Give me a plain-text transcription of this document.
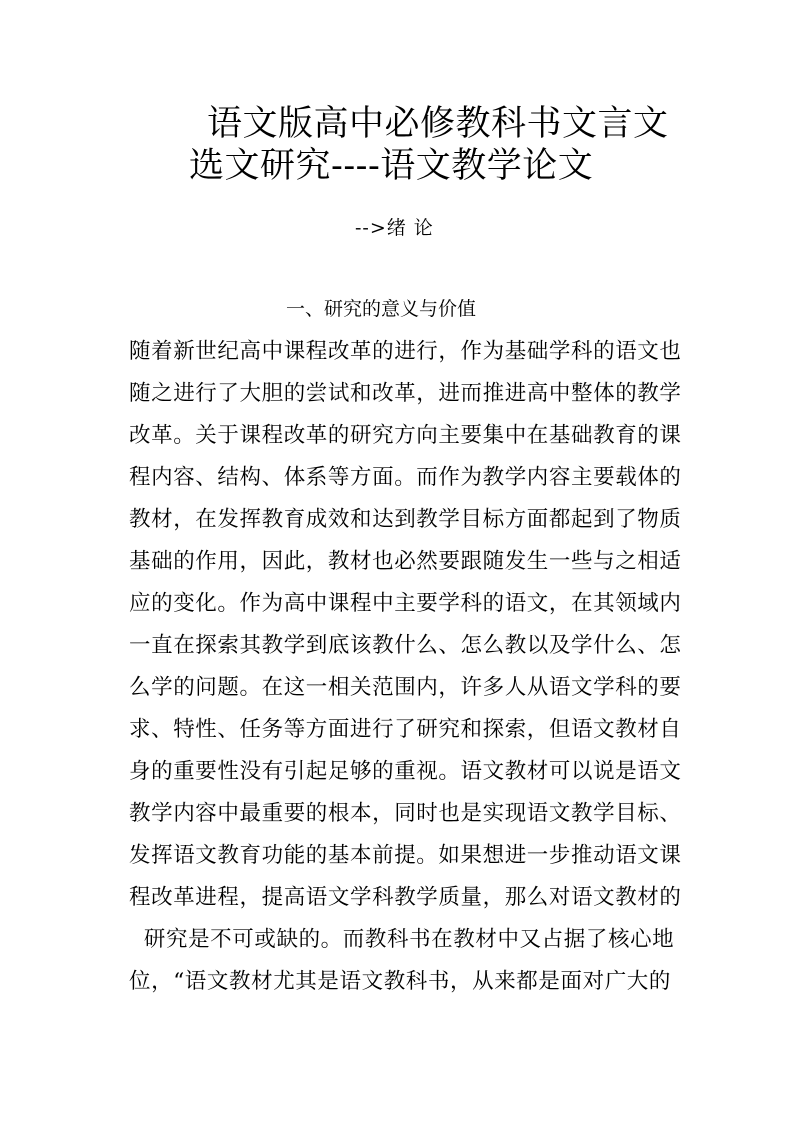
语文版高中必修教科书文言文
选文研究----语文教学论文
-->绪 论
一、研究的意义与价值
随着新世纪高中课程改革的进行，作为基础学科的语文也
随之进行了大胆的尝试和改革，进而推进高中整体的教学
改革。关于课程改革的研究方向主要集中在基础教育的课
程内容、结构、体系等方面。而作为教学内容主要载体的
教材，在发挥教育成效和达到教学目标方面都起到了物质
基础的作用，因此，教材也必然要跟随发生一些与之相适
应的变化。作为高中课程中主要学科的语文，在其领域内
一直在探索其教学到底该教什么、怎么教以及学什么、怎
么学的问题。在这一相关范围内，许多人从语文学科的要
求、特性、任务等方面进行了研究和探索，但语文教材自
身的重要性没有引起足够的重视。语文教材可以说是语文
教学内容中最重要的根本，同时也是实现语文教学目标、
发挥语文教育功能的基本前提。如果想进一步推动语文课
程改革进程，提高语文学科教学质量，那么对语文教材的
研究是不可或缺的。而教科书在教材中又占据了核心地
位，“语文教材尤其是语文教科书，从来都是面对广大的
